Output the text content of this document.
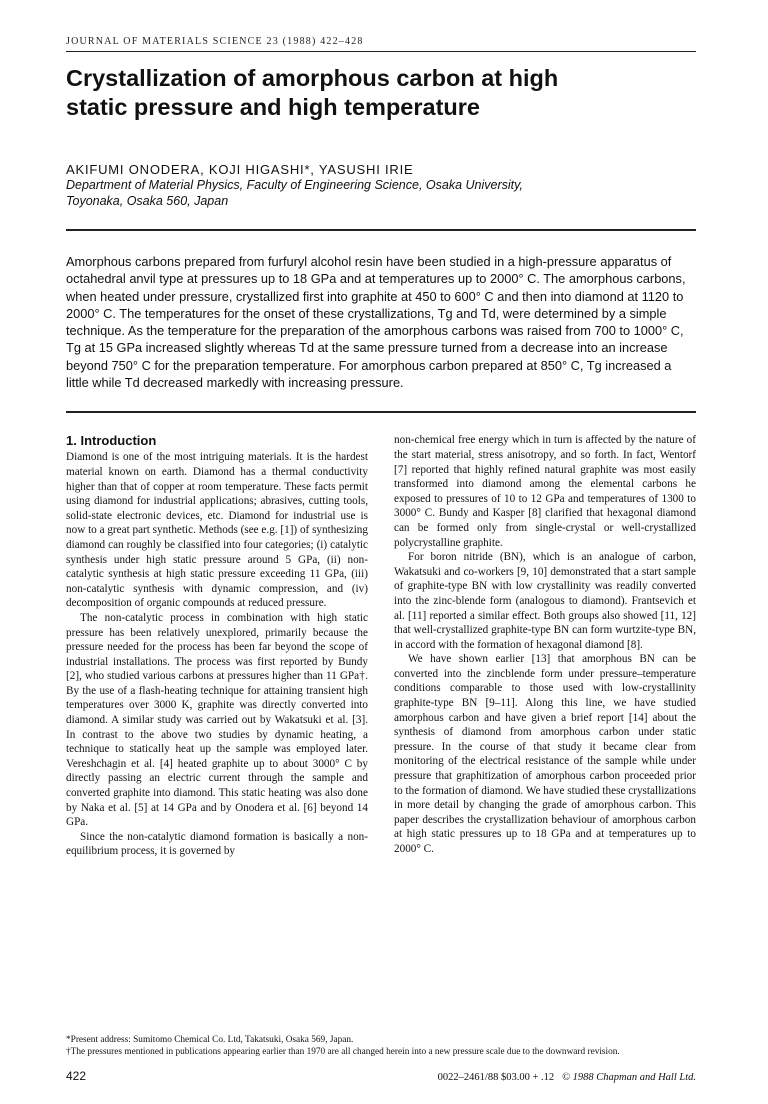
JOURNAL OF MATERIALS SCIENCE 23 (1988) 422–428
Crystallization of amorphous carbon at high
static pressure and high temperature

AKIFUMI ONODERA, KOJI HIGASHI*, YASUSHI IRIE

Department of Material Physics, Faculty of Engineering Science, Osaka University,
Toyonaka, Osaka 560, Japan

Amorphous carbons prepared from furfuryl alcohol resin have been studied in a high-pressure apparatus of octahedral anvil type at pressures up to 18 GPa and at temperatures up to 2000° C. The amorphous carbons, when heated under pressure, crystallized first into graphite at 450 to 600° C and then into diamond at 1120 to 2000° C. The temperatures for the onset of these crystallizations, Tg and Td, were determined by a simple technique. As the temperature for the preparation of the amorphous carbons was raised from 700 to 1000° C, Tg at 15 GPa increased slightly whereas Td at the same pressure turned from a decrease into an increase beyond 750° C for the preparation temperature. For amorphous carbon prepared at 850° C, Tg increased a little while Td decreased markedly with increasing pressure.

1. Introduction

Diamond is one of the most intriguing materials. It is the hardest material known on earth. Diamond has a thermal conductivity higher than that of copper at room temperature. These facts permit using diamond for industrial applications; abrasives, cutting tools, solid-state electronic devices, etc. Diamond for industrial use is now to a great part synthetic. Methods (see e.g. [1]) of synthesizing diamond can roughly be classified into four categories; (i) catalytic synthesis under high static pressure around 5 GPa, (ii) non-catalytic synthesis at high static pressure exceeding 11 GPa, (iii) non-catalytic synthesis with dynamic compression, and (iv) decomposition of organic compounds at reduced pressure.

The non-catalytic process in combination with high static pressure has been relatively unexplored, primarily because the pressure needed for the process has been far beyond the scope of industrial installations. The process was first reported by Bundy [2], who studied various carbons at pressures higher than 11 GPa†. By the use of a flash-heating technique for attaining transient high temperatures over 3000 K, graphite was directly converted into diamond. A similar study was carried out by Wakatsuki et al. [3]. In contrast to the above two studies by dynamic heating, a technique to statically heat up the sample was employed later. Vereshchagin et al. [4] heated graphite up to about 3000° C by directly passing an electric current through the sample and converted graphite into diamond. This static heating was also done by Naka et al. [5] at 14 GPa and by Onodera et al. [6] beyond 14 GPa.

Since the non-catalytic diamond formation is basically a non-equilibrium process, it is governed by

non-chemical free energy which in turn is affected by the nature of the start material, stress anisotropy, and so forth. In fact, Wentorf [7] reported that highly refined natural graphite was most easily transformed into diamond among the elemental carbons he exposed to pressures of 10 to 12 GPa and temperatures of 1300 to 3000° C. Bundy and Kasper [8] clarified that hexagonal diamond can be formed only from single-crystal or well-crystallized polycrystalline graphite.

For boron nitride (BN), which is an analogue of carbon, Wakatsuki and co-workers [9, 10] demonstrated that a start sample of graphite-type BN with low crystallinity was readily converted into the zinc-blende form (analogous to diamond). Frantsevich et al. [11] reported a similar effect. Both groups also showed [11, 12] that well-crystallized graphite-type BN can form wurtzite-type BN, in accord with the formation of hexagonal diamond [8].

We have shown earlier [13] that amorphous BN can be converted into the zincblende form under pressure–temperature conditions comparable to those used with low-crystallinity graphite-type BN [9–11]. Along this line, we have studied amorphous carbon and have given a brief report [14] about the synthesis of diamond from amorphous carbon under static pressure. In the course of that study it became clear from monitoring of the electrical resistance of the sample while under pressure that graphitization of amorphous carbon proceeded prior to the formation of diamond. We have studied these crystallizations in more detail by changing the grade of amorphous carbon. This paper describes the crystallization behaviour of amorphous carbon at high static pressures up to 18 GPa and at temperatures up to 2000° C.

*Present address: Sumitomo Chemical Co. Ltd, Takatsuki, Osaka 569, Japan.

†The pressures mentioned in publications appearing earlier than 1970 are all changed herein into a new pressure scale due to the downward revision.

422	0022–2461/88 $03.00 + .12 © 1988 Chapman and Hall Ltd.
